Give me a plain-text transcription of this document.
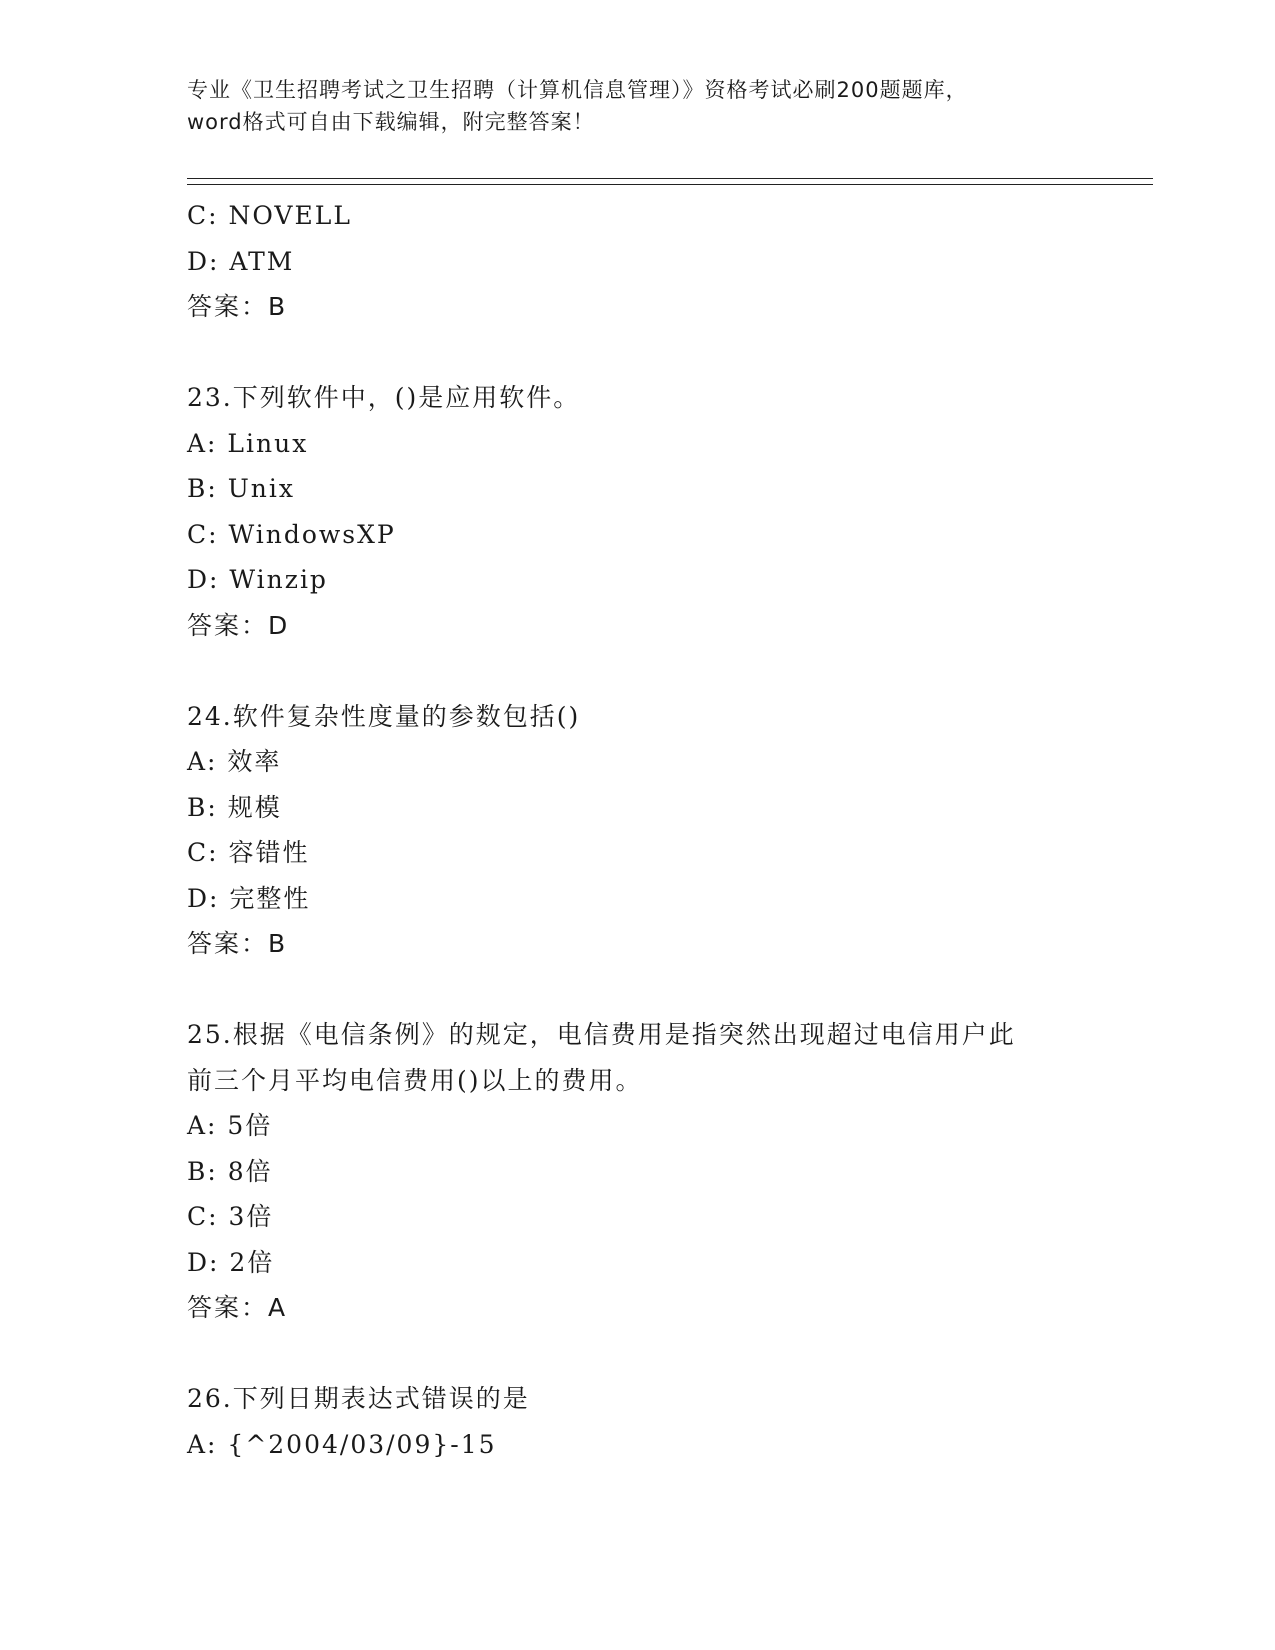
专业《卫生招聘考试之卫生招聘（计算机信息管理）》资格考试必刷200题题库，
word格式可自由下载编辑，附完整答案！
C: NOVELL
D: ATM
答案：B
23.下列软件中，()是应用软件。
A: Linux
B: Unix
C: WindowsXP
D: Winzip
答案：D
24.软件复杂性度量的参数包括()
A: 效率
B: 规模
C: 容错性
D: 完整性
答案：B
25.根据《电信条例》的规定，电信费用是指突然出现超过电信用户此
前三个月平均电信费用()以上的费用。
A: 5倍
B: 8倍
C: 3倍
D: 2倍
答案：A
26.下列日期表达式错误的是
A: {^2004/03/09}-15
